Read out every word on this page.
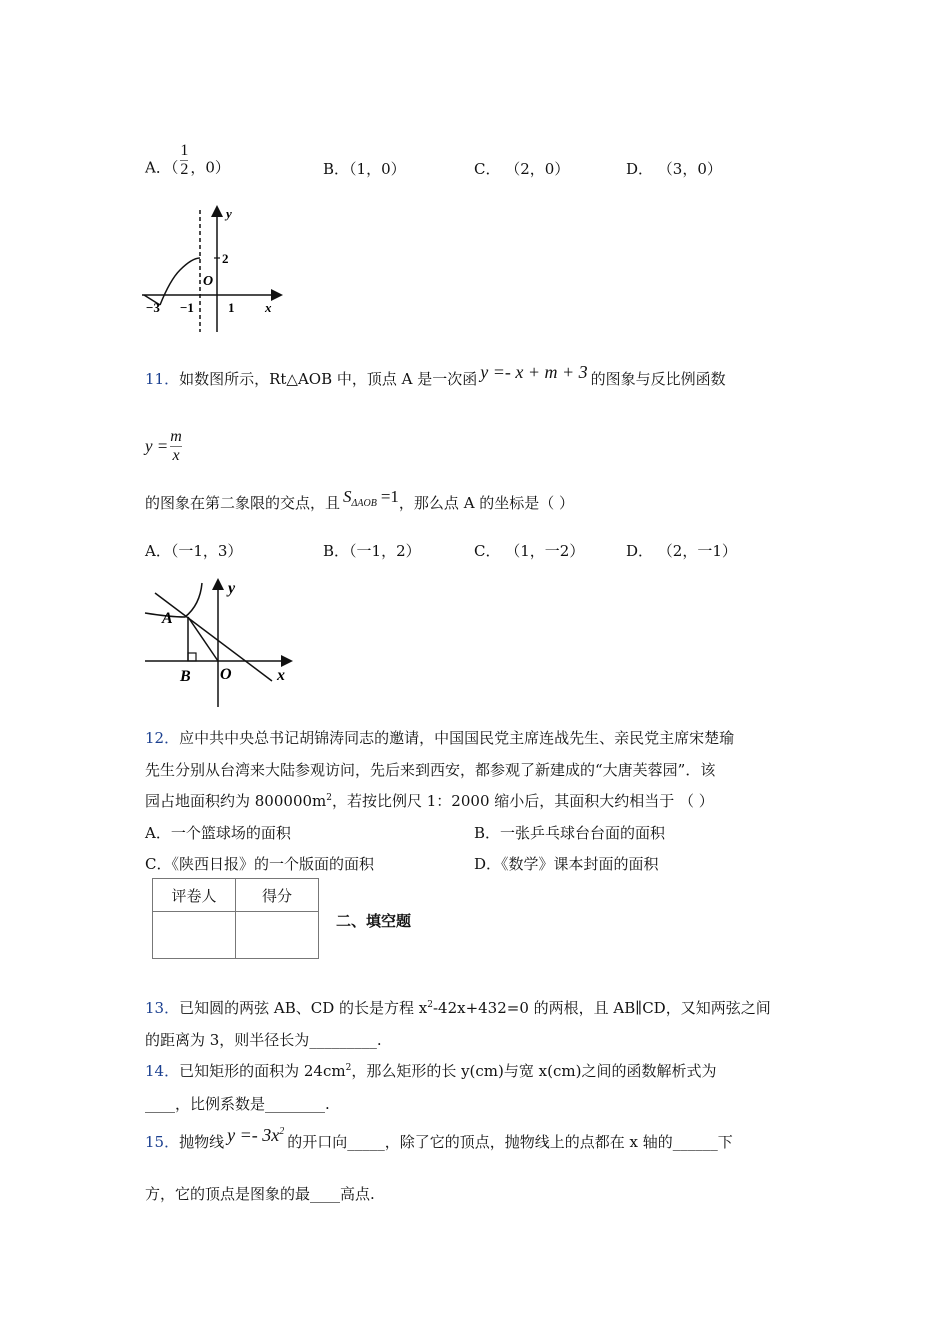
A．（ $\frac{1}{2}$ ，0）	B．（1，0）	C． （2，0）	D． （3，0）
y
x
O
2
−3 −1	1
11．如数图所示，Rt△AOB 中，顶点 A 是一次函 y =- x + m + 3 的图象与反比例函数
$y = \frac{m}{x}$
的图象在第二象限的交点，且 SΔAOB =1，那么点 A 的坐标是（ ）
A．（一1，3）	B．（一1，2）	C． （1，一2）	D． （2，一1）
y
x
A
B O
12．应中共中央总书记胡锦涛同志的邀请，中国国民党主席连战先生、亲民党主席宋楚瑜
先生分别从台湾来大陆参观访问，先后来到西安，都参观了新建成的“大唐芙蓉园”．该
园占地面积约为 $800000m^2$，若按比例尺 1：2000 缩小后，其面积大约相当于 （ ）
A．一个篮球场的面积	B．一张乒乓球台台面的面积
C．《陕西日报》的一个版面的面积	D．《数学》课本封面的面积
评卷人	得分

二、填空题
13．已知圆的两弦 AB、CD 的长是方程 $x^2-42x+432=0$ 的两根，且 AB∥CD，又知两弦之间
的距离为 3，则半径长为_________.
14．已知矩形的面积为 $24cm^2$，那么矩形的长 y(cm)与宽 x(cm)之间的函数解析式为
____，比例系数是________.
15．抛物线 $y =- 3x^2$的开口向_____，除了它的顶点，抛物线上的点都在 x 轴的______下
方，它的顶点是图象的最____高点.
